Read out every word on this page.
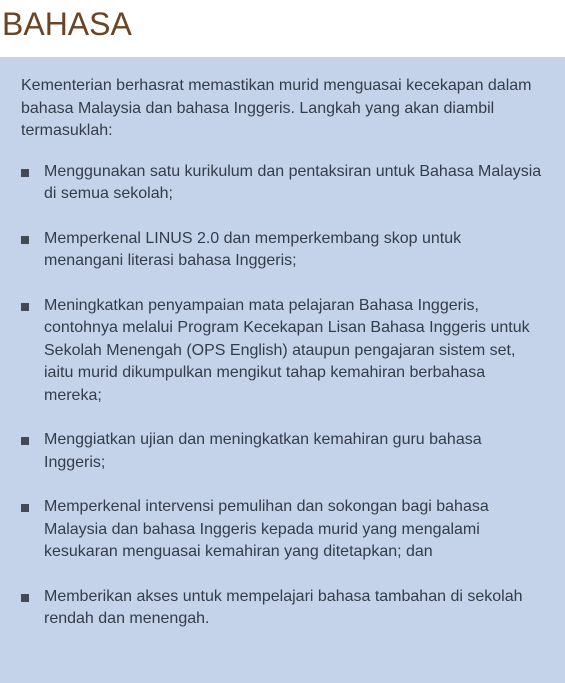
BAHASA

Kementerian berhasrat memastikan murid menguasai kecekapan dalam bahasa Malaysia dan bahasa Inggeris. Langkah yang akan diambil termasuklah:

Menggunakan satu kurikulum dan pentaksiran untuk Bahasa Malaysia di semua sekolah;
Memperkenal LINUS 2.0 dan memperkembang skop untuk menangani literasi bahasa Inggeris;
Meningkatkan penyampaian mata pelajaran Bahasa Inggeris, contohnya melalui Program Kecekapan Lisan Bahasa Inggeris untuk Sekolah Menengah (OPS English) ataupun pengajaran sistem set, iaitu murid dikumpulkan mengikut tahap kemahiran berbahasa mereka;
Menggiatkan ujian dan meningkatkan kemahiran guru bahasa Inggeris;
Memperkenal intervensi pemulihan dan sokongan bagi bahasa Malaysia dan bahasa Inggeris kepada murid yang mengalami kesukaran menguasai kemahiran yang ditetapkan; dan
Memberikan akses untuk mempelajari bahasa tambahan di sekolah rendah dan menengah.
